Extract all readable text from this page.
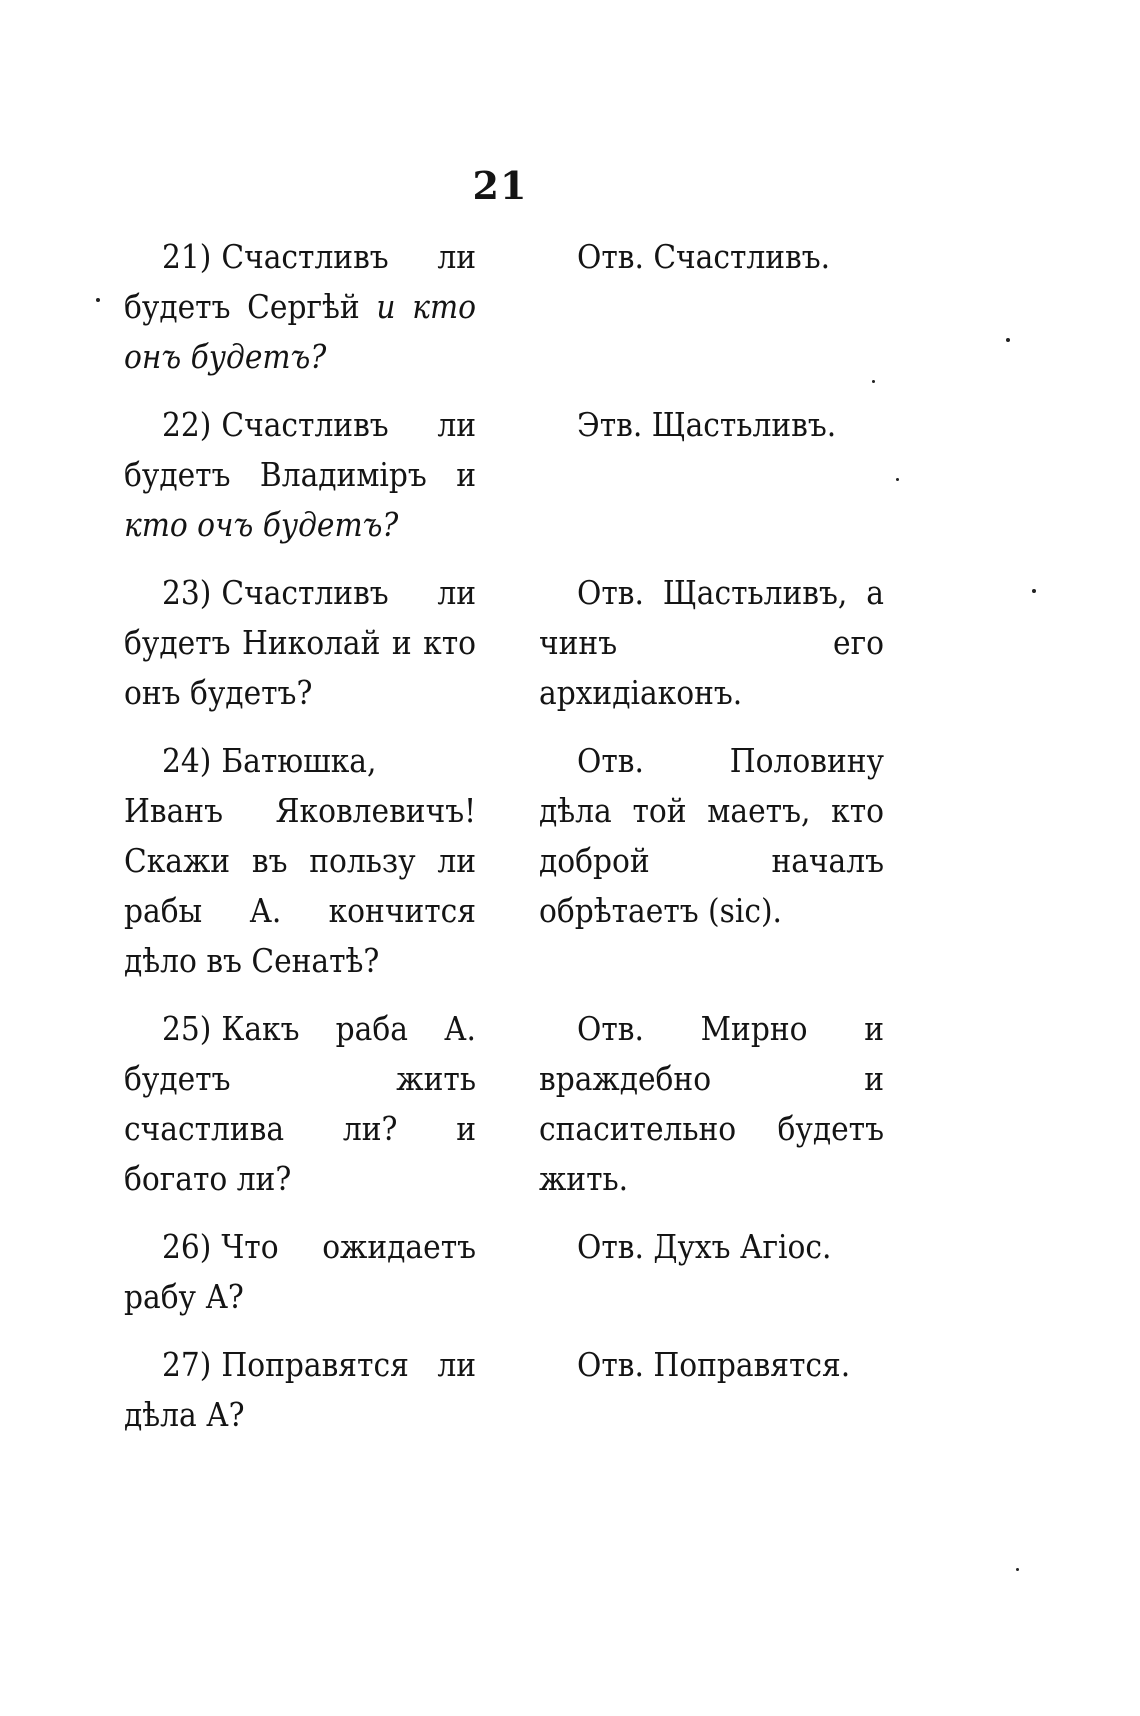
21
21) Счастливъ ли будетъ Сергѣй и кто онъ будетъ?
Отв. Счастливъ.
22) Счастливъ ли будетъ Владимiръ и кто очъ будетъ?
Этв. Щастьливъ.
23) Счастливъ ли будетъ Николай и кто онъ будетъ?
Отв. Щастьливъ, а чинъ его архидiаконъ.
24) Батюшка, Иванъ Яковлевичъ! Скажи въ пользу ли рабы А. кончится дѣло въ Сенатѣ?
Отв. Половину дѣла той маетъ, кто доброй началъ обрѣтаетъ (sic).
25) Какъ раба А. будетъ жить счастлива ли? и богато ли?
Отв. Мирно и враждебно и спасительно будетъ жить.
26) Что ожидаетъ рабу А?
Отв. Духъ Агiос.
27) Поправятся ли дѣла А?
Отв. Поправятся.
